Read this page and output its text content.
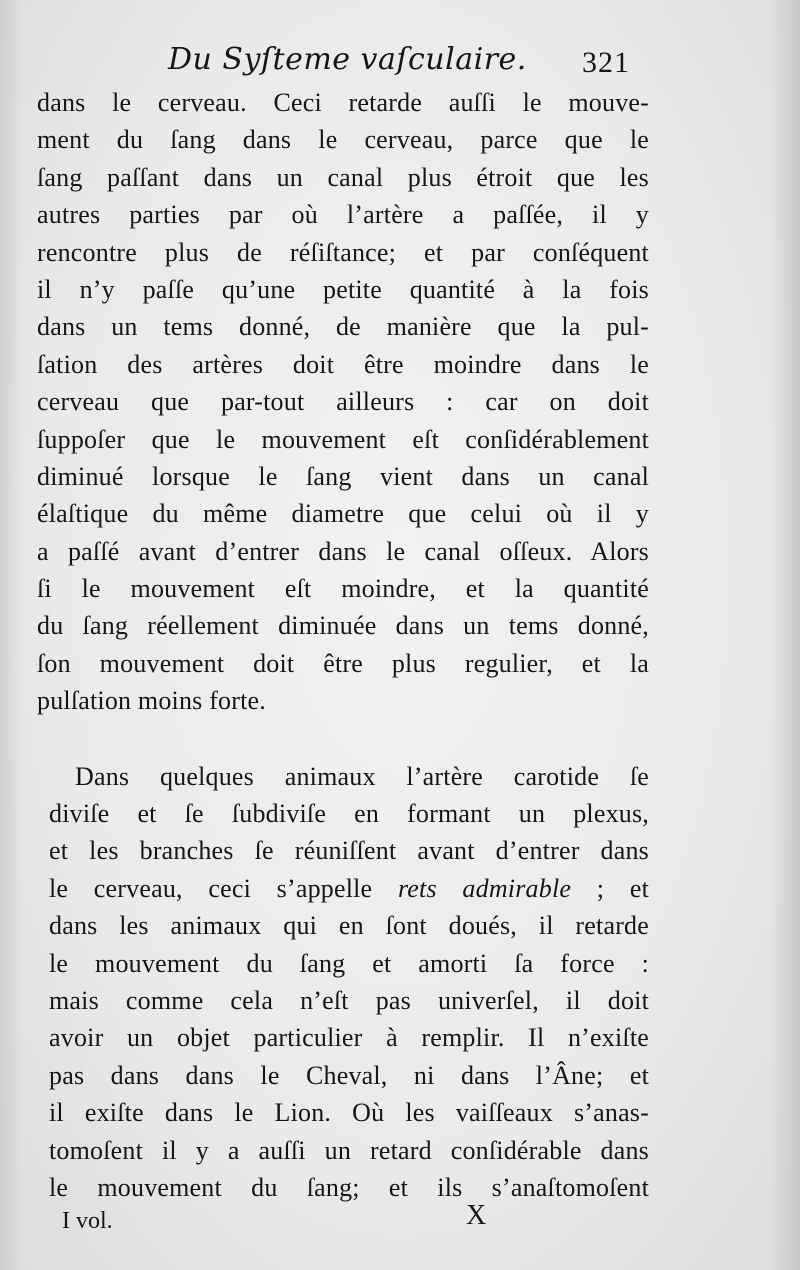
Du Syſteme vaſculaire. 321

dans le cerveau. Ceci retarde auſſi le mouve-
ment du ſang dans le cerveau, parce que le
ſang paſſant dans un canal plus étroit que les
autres parties par où l’artère a paſſée, il y
rencontre plus de réſiſtance; et par conſéquent
il n’y paſſe qu’une petite quantité à la fois
dans un tems donné, de manière que la pul-
ſation des artères doit être moindre dans le
cerveau que par-tout ailleurs : car on doit
ſuppoſer que le mouvement eſt conſidérablement
diminué lorsque le ſang vient dans un canal
élaſtique du même diametre que celui où il y
a paſſé avant d’entrer dans le canal oſſeux. Alors
ſi le mouvement eſt moindre, et la quantité
du ſang réellement diminuée dans un tems donné,
ſon mouvement doit être plus regulier, et la
pulſation moins forte.

Dans quelques animaux l’artère carotide ſe
diviſe et ſe ſubdiviſe en formant un plexus,
et les branches ſe réuniſſent avant d’entrer dans
le cerveau, ceci s’appelle rets admirable ; et
dans les animaux qui en ſont doués, il retarde
le mouvement du ſang et amorti ſa force :
mais comme cela n’eſt pas univerſel, il doit
avoir un objet particulier à remplir. Il n’exiſte
pas dans dans le Cheval, ni dans l’Âne; et
il exiſte dans le Lion. Où les vaiſſeaux s’anas-
tomoſent il y a auſſi un retard conſidérable dans
le mouvement du ſang; et ils s’anaſtomoſent

I vol.	X
